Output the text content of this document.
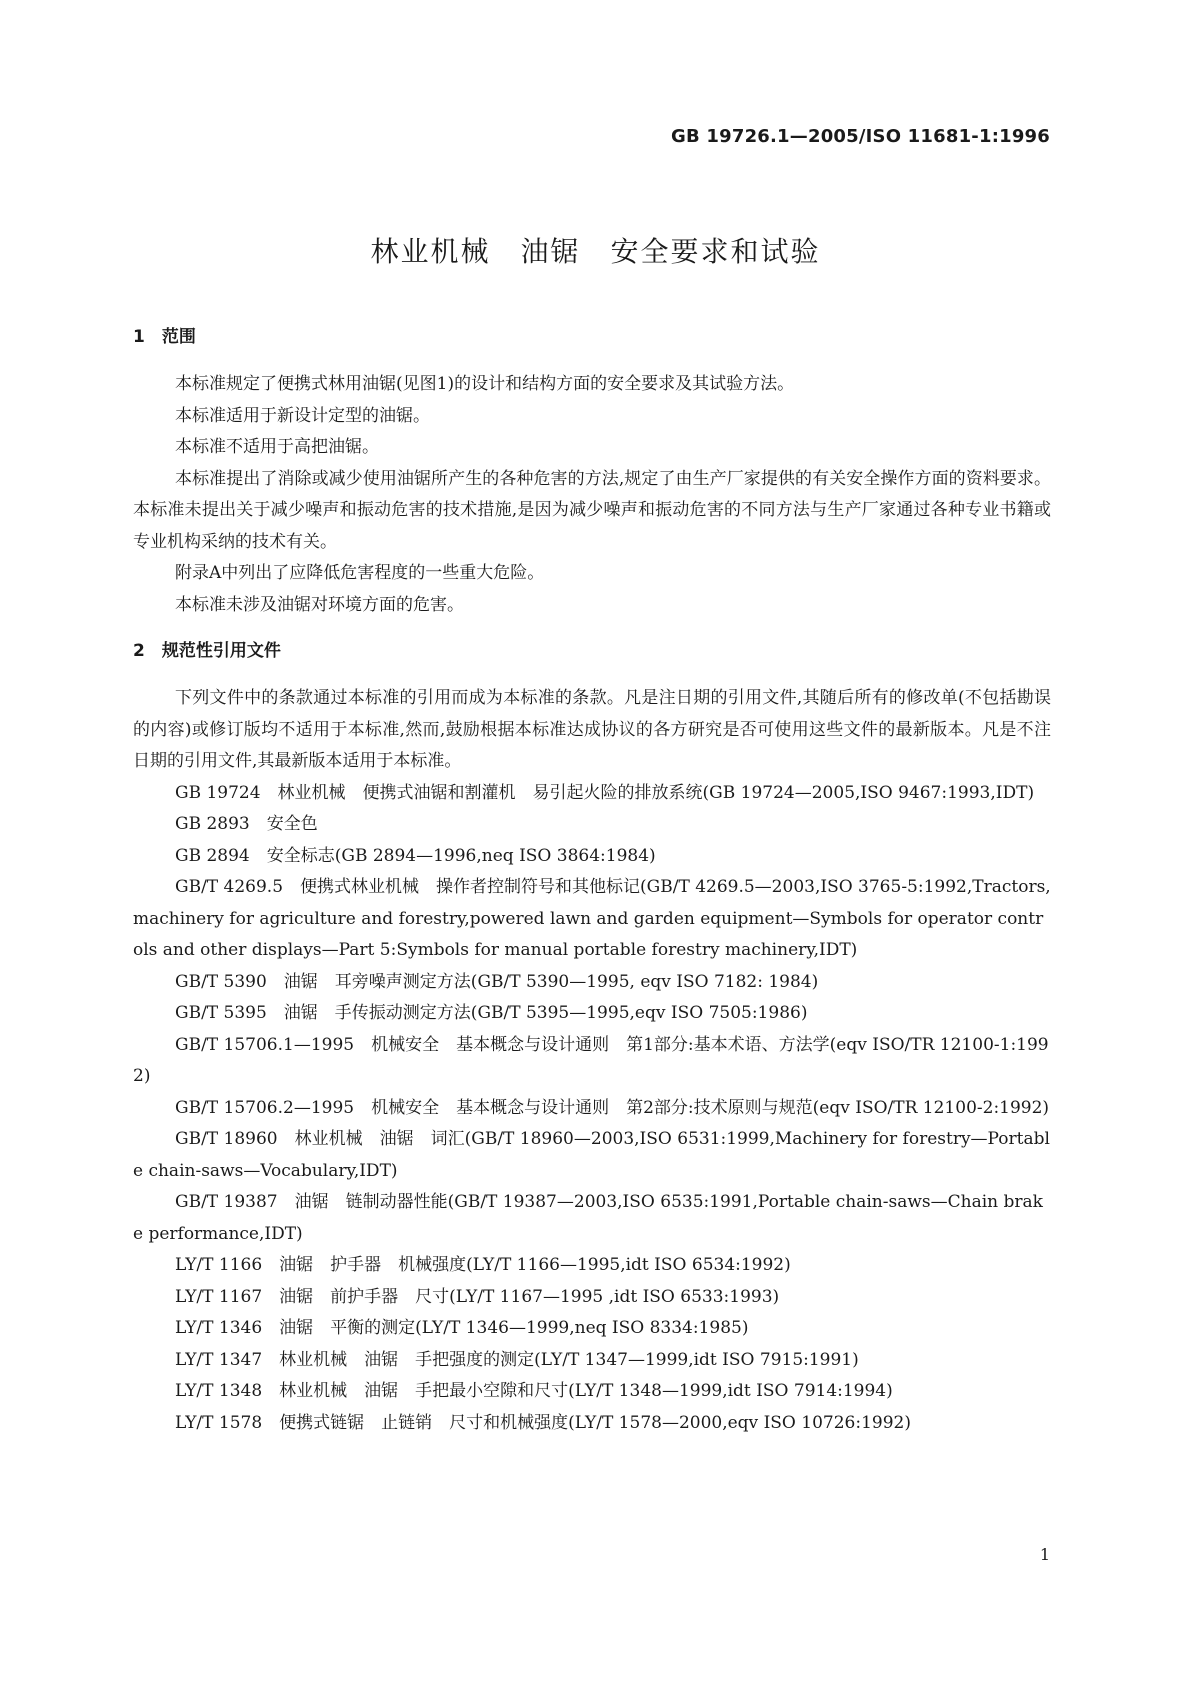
GB 19726.1—2005/ISO 11681-1:1996
林业机械　油锯　安全要求和试验
1　范围

本标准规定了便携式林用油锯(见图1)的设计和结构方面的安全要求及其试验方法。

本标准适用于新设计定型的油锯。

本标准不适用于高把油锯。

本标准提出了消除或减少使用油锯所产生的各种危害的方法,规定了由生产厂家提供的有关安全操作方面的资料要求。本标准未提出关于减少噪声和振动危害的技术措施,是因为减少噪声和振动危害的不同方法与生产厂家通过各种专业书籍或专业机构采纳的技术有关。

附录A中列出了应降低危害程度的一些重大危险。

本标准未涉及油锯对环境方面的危害。

2　规范性引用文件

下列文件中的条款通过本标准的引用而成为本标准的条款。凡是注日期的引用文件,其随后所有的修改单(不包括勘误的内容)或修订版均不适用于本标准,然而,鼓励根据本标准达成协议的各方研究是否可使用这些文件的最新版本。凡是不注日期的引用文件,其最新版本适用于本标准。

GB 19724　林业机械　便携式油锯和割灌机　易引起火险的排放系统(GB 19724—2005,ISO 9467:1993,IDT)

GB 2893　安全色

GB 2894　安全标志(GB 2894—1996,neq ISO 3864:1984)

GB/T 4269.5　便携式林业机械　操作者控制符号和其他标记(GB/T 4269.5—2003,ISO 3765-5:1992,Tractors,machinery for agriculture and forestry,powered lawn and garden equipment—Symbols for operator controls and other displays—Part 5:Symbols for manual portable forestry machinery,IDT)

GB/T 5390　油锯　耳旁噪声测定方法(GB/T 5390—1995, eqv ISO 7182: 1984)

GB/T 5395　油锯　手传振动测定方法(GB/T 5395—1995,eqv ISO 7505:1986)

GB/T 15706.1—1995　机械安全　基本概念与设计通则　第1部分:基本术语、方法学(eqv ISO/TR 12100-1:1992)

GB/T 15706.2—1995　机械安全　基本概念与设计通则　第2部分:技术原则与规范(eqv ISO/TR 12100-2:1992)

GB/T 18960　林业机械　油锯　词汇(GB/T 18960—2003,ISO 6531:1999,Machinery for forestry—Portable chain-saws—Vocabulary,IDT)

GB/T 19387　油锯　链制动器性能(GB/T 19387—2003,ISO 6535:1991,Portable chain-saws—Chain brake performance,IDT)

LY/T 1166　油锯　护手器　机械强度(LY/T 1166—1995,idt ISO 6534:1992)

LY/T 1167　油锯　前护手器　尺寸(LY/T 1167—1995 ,idt ISO 6533:1993)

LY/T 1346　油锯　平衡的测定(LY/T 1346—1999,neq ISO 8334:1985)

LY/T 1347　林业机械　油锯　手把强度的测定(LY/T 1347—1999,idt ISO 7915:1991)

LY/T 1348　林业机械　油锯　手把最小空隙和尺寸(LY/T 1348—1999,idt ISO 7914:1994)

LY/T 1578　便携式链锯　止链销　尺寸和机械强度(LY/T 1578—2000,eqv ISO 10726:1992)

1
